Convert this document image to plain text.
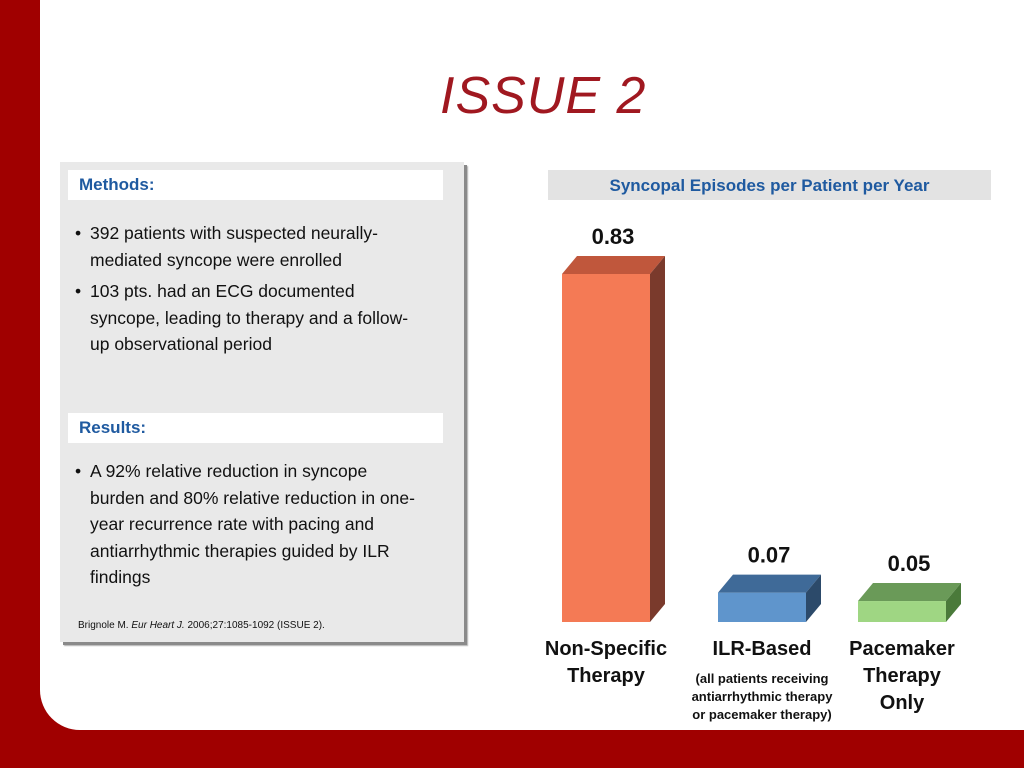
ISSUE 2
Methods:
• 392 patients with suspected neurally-mediated syncope were enrolled
• 103 pts. had an ECG documented syncope, leading to therapy and a follow-up observational period
Results:
• A 92% relative reduction in syncope burden and 80% relative reduction in one-year recurrence rate with pacing and antiarrhythmic therapies guided by ILR findings
Brignole M. Eur Heart J. 2006;27:1085-1092 (ISSUE 2).
Syncopal Episodes per Patient per Year
0.83
Non-Specific
Therapy
0.07
ILR-Based
(all patients receiving
antiarrhythmic therapy
or pacemaker therapy)
0.05
Pacemaker
Therapy
Only
